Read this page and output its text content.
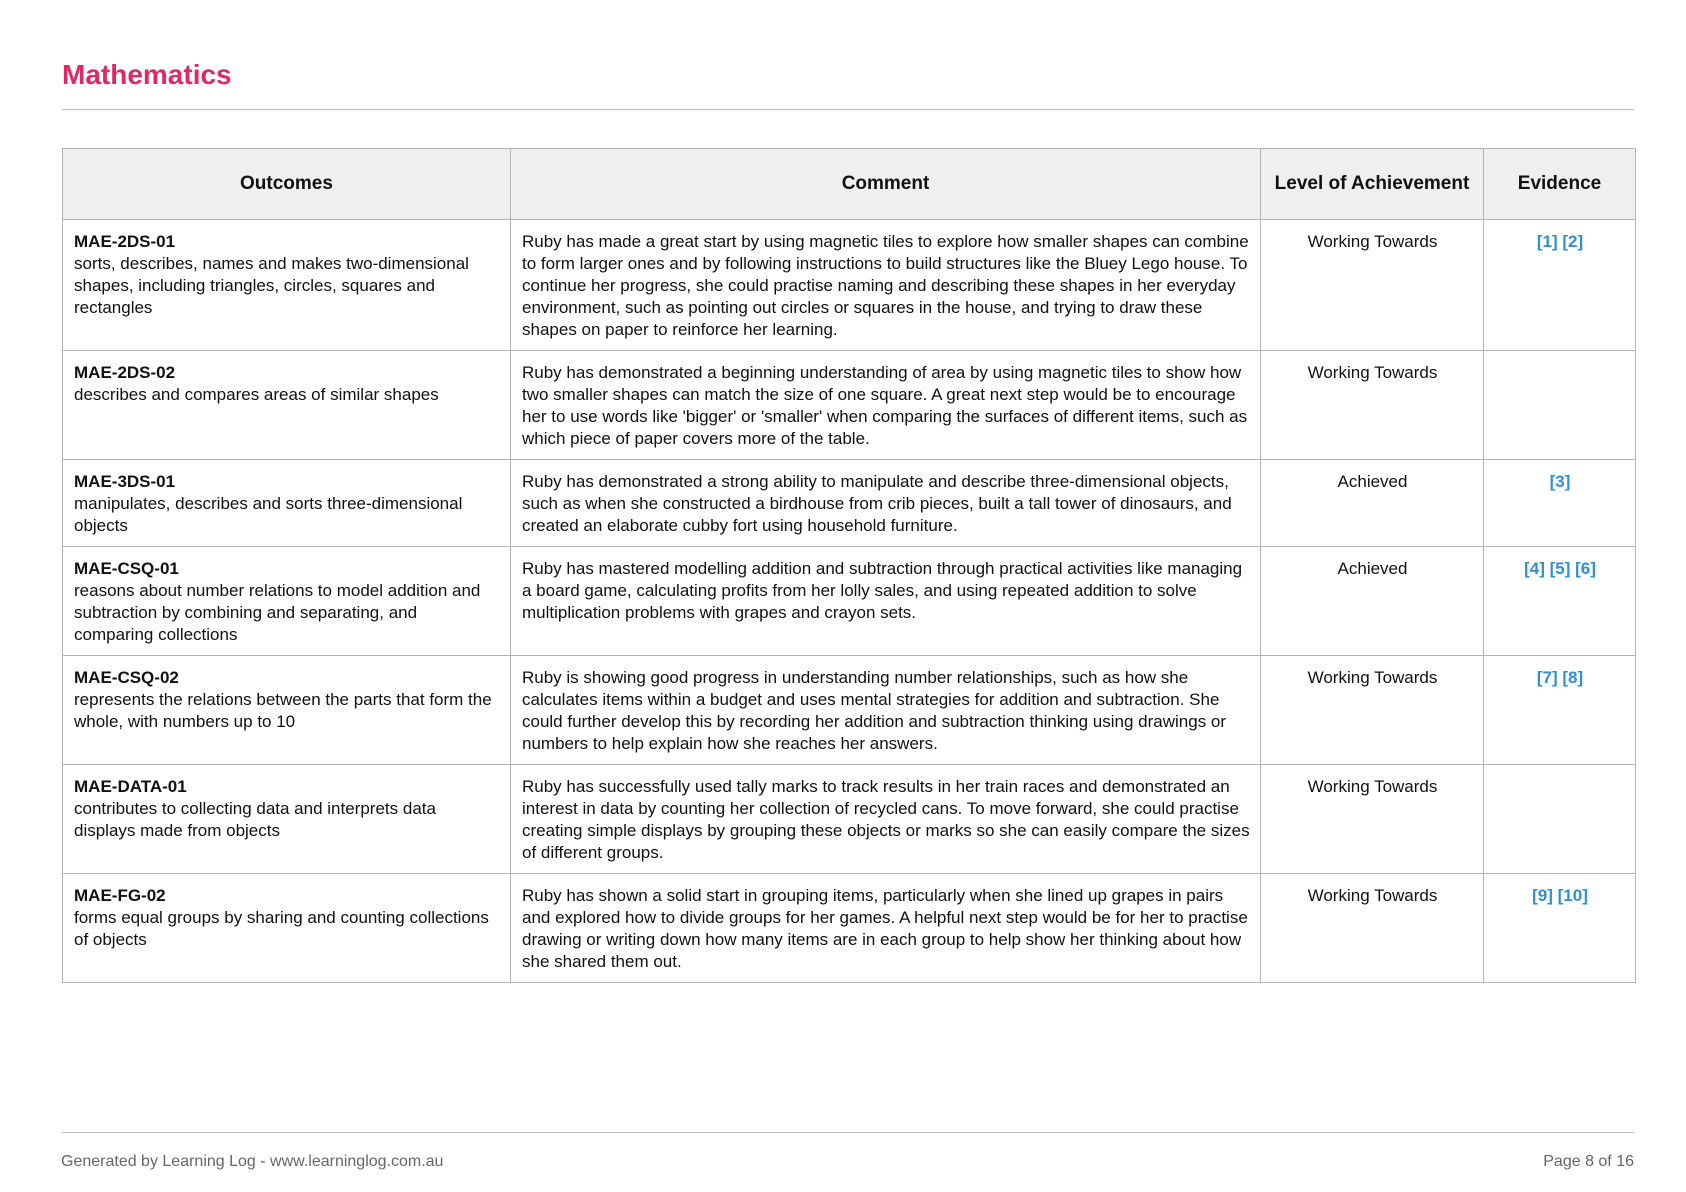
Mathematics
Outcomes	Comment	Level of Achievement	Evidence

MAE-2DS-01
sorts, describes, names and makes two-dimensional shapes, including triangles, circles, squares and rectangles	Ruby has made a great start by using magnetic tiles to explore how smaller shapes can combine to form larger ones and by following instructions to build structures like the Bluey Lego house. To continue her progress, she could practise naming and describing these shapes in her everyday environment, such as pointing out circles or squares in the house, and trying to draw these shapes on paper to reinforce her learning.	Working Towards	[1] [2]

MAE-2DS-02
describes and compares areas of similar shapes	Ruby has demonstrated a beginning understanding of area by using magnetic tiles to show how two smaller shapes can match the size of one square. A great next step would be to encourage her to use words like 'bigger' or 'smaller' when comparing the surfaces of different items, such as which piece of paper covers more of the table.	Working Towards	

MAE-3DS-01
manipulates, describes and sorts three-dimensional objects	Ruby has demonstrated a strong ability to manipulate and describe three-dimensional objects, such as when she constructed a birdhouse from crib pieces, built a tall tower of dinosaurs, and created an elaborate cubby fort using household furniture.	Achieved	[3]

MAE-CSQ-01
reasons about number relations to model addition and subtraction by combining and separating, and comparing collections	Ruby has mastered modelling addition and subtraction through practical activities like managing a board game, calculating profits from her lolly sales, and using repeated addition to solve multiplication problems with grapes and crayon sets.	Achieved	[4] [5] [6]

MAE-CSQ-02
represents the relations between the parts that form the whole, with numbers up to 10	Ruby is showing good progress in understanding number relationships, such as how she calculates items within a budget and uses mental strategies for addition and subtraction. She could further develop this by recording her addition and subtraction thinking using drawings or numbers to help explain how she reaches her answers.	Working Towards	[7] [8]

MAE-DATA-01
contributes to collecting data and interprets data displays made from objects	Ruby has successfully used tally marks to track results in her train races and demonstrated an interest in data by counting her collection of recycled cans. To move forward, she could practise creating simple displays by grouping these objects or marks so she can easily compare the sizes of different groups.	Working Towards	

MAE-FG-02
forms equal groups by sharing and counting collections of objects	Ruby has shown a solid start in grouping items, particularly when she lined up grapes in pairs and explored how to divide groups for her games. A helpful next step would be for her to practise drawing or writing down how many items are in each group to help show her thinking about how she shared them out.	Working Towards	[9] [10]
Generated by Learning Log - www.learninglog.com.au	Page 8 of 16
